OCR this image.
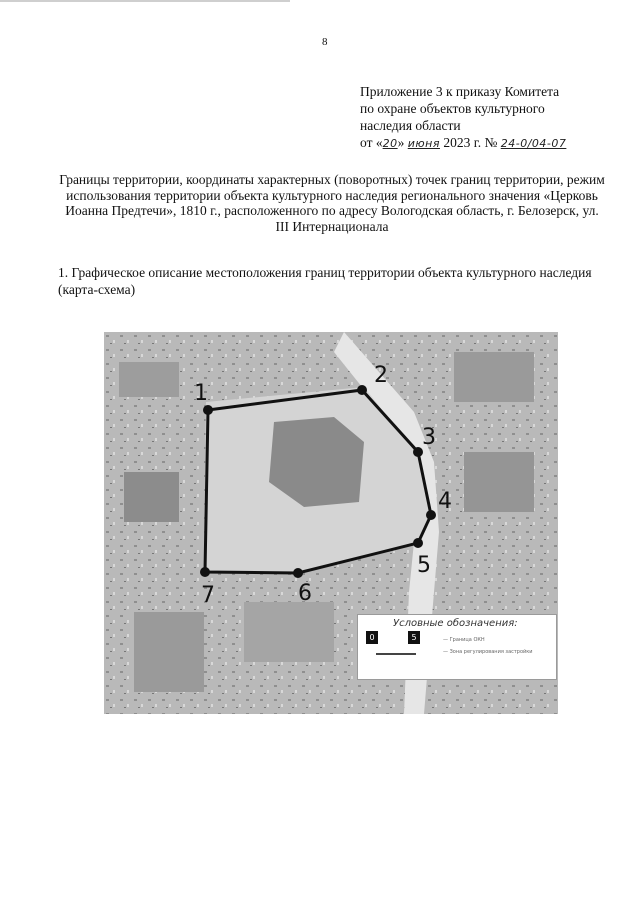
8
Приложение 3 к приказу Комитета
по охране объектов культурного
наследия области
от «20» июня 2023 г. № 24-0/04-07
Границы территории, координаты характерных (поворотных) точек границ территории, режим использования территории объекта культурного наследия регионального значения «Церковь Иоанна Предтечи», 1810 г., расположенного по адресу Вологодская область, г. Белозерск, ул. III Интернационала
1. Графическое описание местоположения границ территории объекта культурного наследия (карта-схема)
1
2
3
4
5
6
7
Условные обозначения:
0	5	— Граница ОКН
— Зона регулирования застройки
